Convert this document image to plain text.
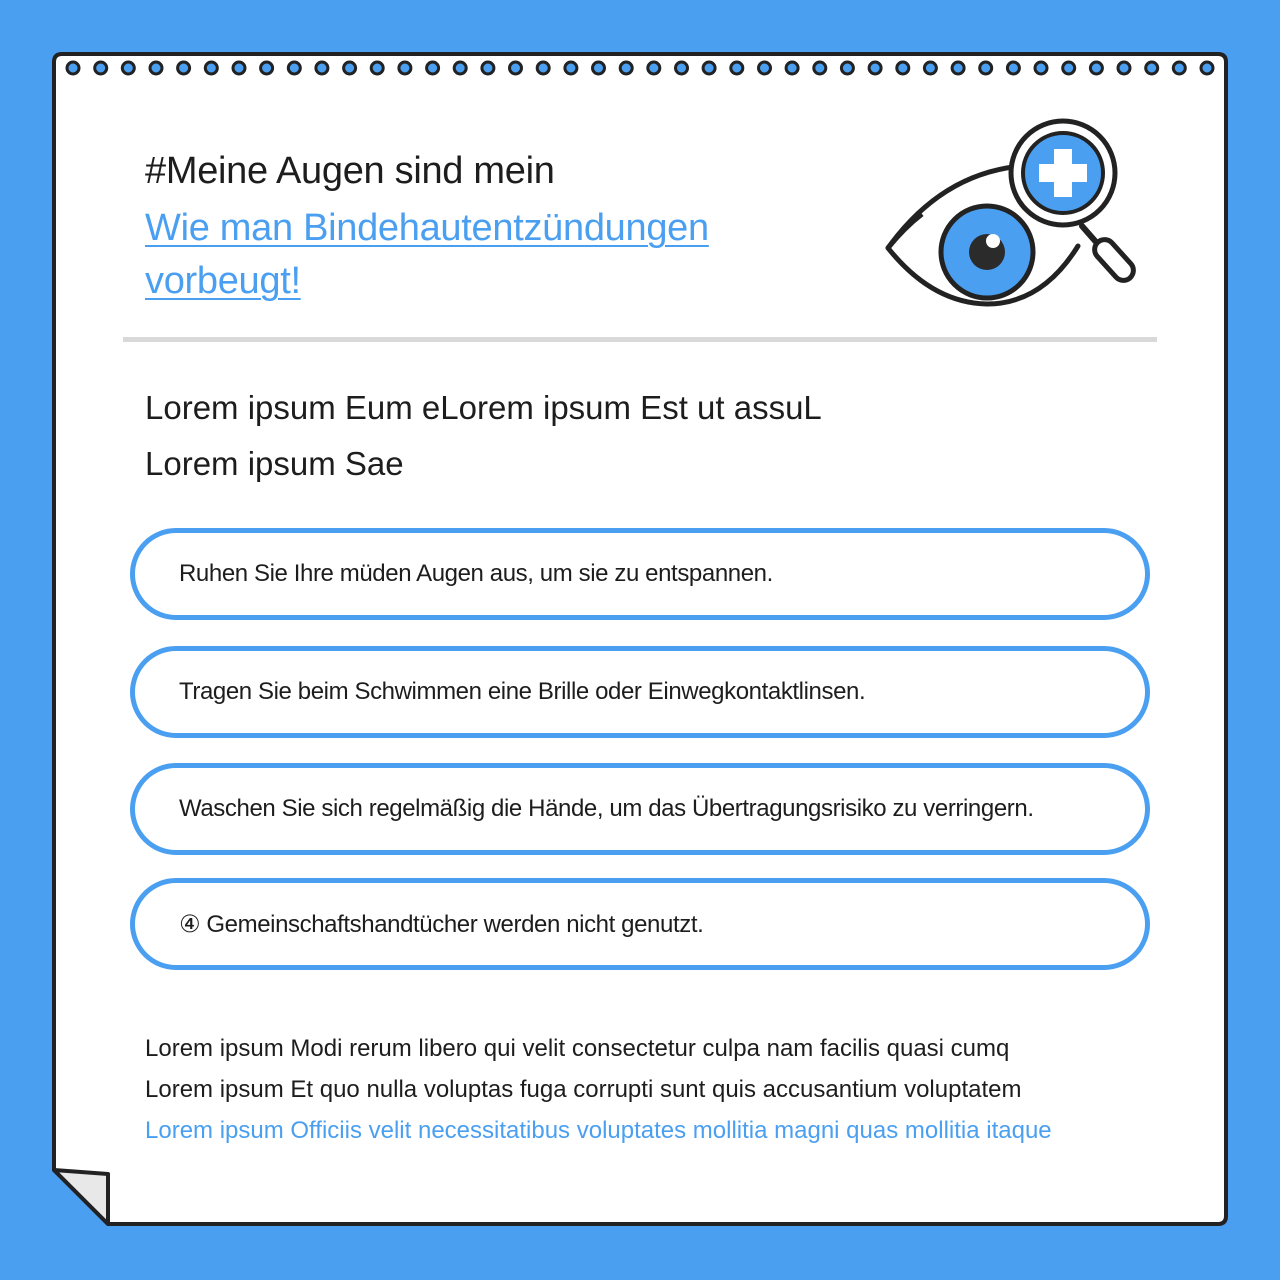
#Meine Augen sind mein
Wie man Bindehautentzündungen vorbeugt!
Lorem ipsum Eum eLorem ipsum Est ut assuL
Lorem ipsum Sae
Ruhen Sie Ihre müden Augen aus, um sie zu entspannen.
Tragen Sie beim Schwimmen eine Brille oder Einwegkontaktlinsen.
Waschen Sie sich regelmäßig die Hände, um das Übertragungsrisiko zu verringern.
④ Gemeinschaftshandtücher werden nicht genutzt.
Lorem ipsum Modi rerum libero qui velit consectetur culpa nam facilis quasi cumq
Lorem ipsum Et quo nulla voluptas fuga corrupti sunt quis accusantium voluptatem
Lorem ipsum Officiis velit necessitatibus voluptates mollitia magni quas mollitia itaque
